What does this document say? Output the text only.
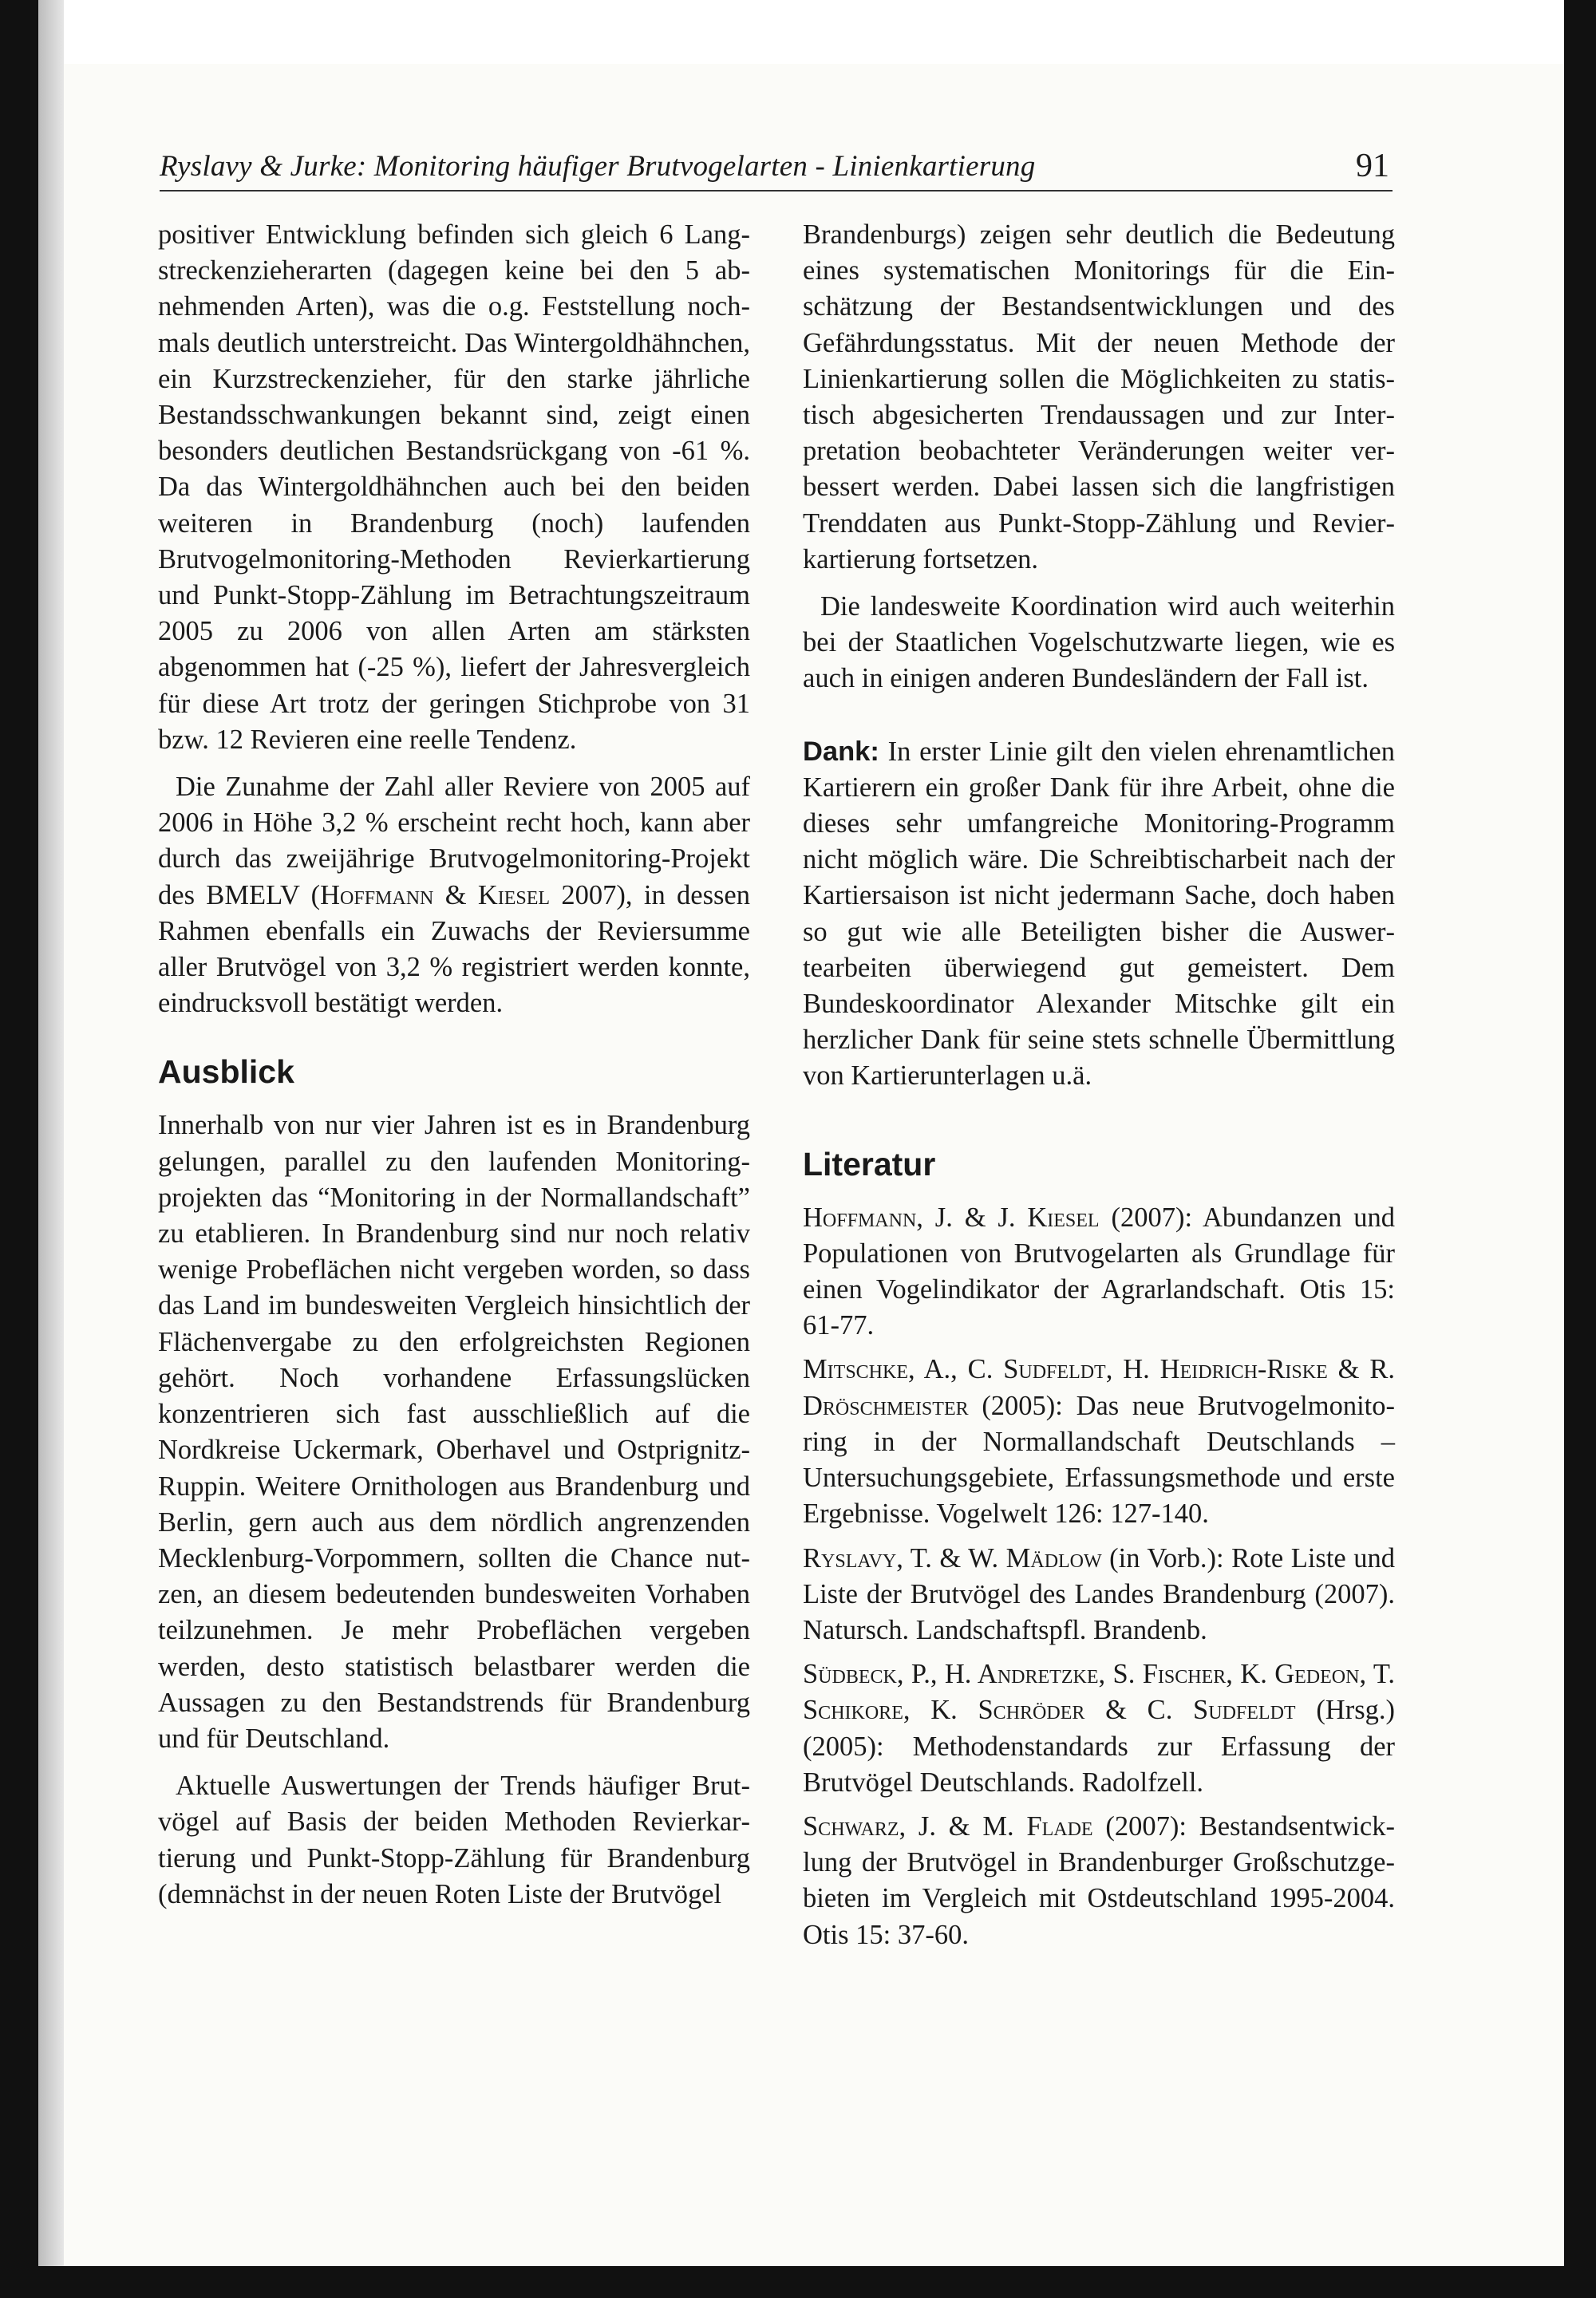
Ryslavy & Jurke: Monitoring häufiger Brutvogelarten - Linienkartierung	91

positiver Entwicklung befinden sich gleich 6 Langstreckenzieherarten (dagegen keine bei den 5 abnehmenden Arten), was die o.g. Feststellung nochmals deutlich unterstreicht. Das Wintergoldhähnchen, ein Kurzstreckenzieher, für den starke jährliche Bestandsschwankungen bekannt sind, zeigt einen besonders deutlichen Bestandsrückgang von -61 %. Da das Wintergoldhähnchen auch bei den beiden weiteren in Brandenburg (noch) laufenden Brutvogelmonitoring-Methoden Revierkartierung und Punkt-Stopp-Zählung im Betrachtungszeitraum 2005 zu 2006 von allen Arten am stärksten abgenommen hat (-25 %), liefert der Jahresvergleich für diese Art trotz der geringen Stichprobe von 31 bzw. 12 Revieren eine reelle Tendenz.

Die Zunahme der Zahl aller Reviere von 2005 auf 2006 in Höhe 3,2 % erscheint recht hoch, kann aber durch das zweijährige Brutvogelmonitoring-Projekt des BMELV (Hoffmann & Kiesel 2007), in dessen Rahmen ebenfalls ein Zuwachs der Reviersumme aller Brutvögel von 3,2 % registriert werden konnte, eindrucksvoll bestätigt werden.

Ausblick

Innerhalb von nur vier Jahren ist es in Brandenburg gelungen, parallel zu den laufenden Monitoringprojekten das “Monitoring in der Normallandschaft” zu etablieren. In Brandenburg sind nur noch relativ wenige Probeflächen nicht vergeben worden, so dass das Land im bundesweiten Vergleich hinsichtlich der Flächenvergabe zu den erfolgreichsten Regionen gehört. Noch vorhandene Erfassungslücken konzentrieren sich fast ausschließlich auf die Nordkreise Uckermark, Oberhavel und Ostprignitz-Ruppin. Weitere Ornithologen aus Brandenburg und Berlin, gern auch aus dem nördlich angrenzenden Mecklenburg-Vorpommern, sollten die Chance nutzen, an diesem bedeutenden bundesweiten Vorhaben teilzunehmen. Je mehr Probeflächen vergeben werden, desto statistisch belastbarer werden die Aussagen zu den Bestandstrends für Brandenburg und für Deutschland.

Aktuelle Auswertungen der Trends häufiger Brutvögel auf Basis der beiden Methoden Revierkartierung und Punkt-Stopp-Zählung für Brandenburg (demnächst in der neuen Roten Liste der Brutvögel

Brandenburgs) zeigen sehr deutlich die Bedeutung eines systematischen Monitorings für die Einschätzung der Bestandsentwicklungen und des Gefährdungsstatus. Mit der neuen Methode der Linienkartierung sollen die Möglichkeiten zu statistisch abgesicherten Trendaussagen und zur Interpretation beobachteter Veränderungen weiter verbessert werden. Dabei lassen sich die langfristigen Trenddaten aus Punkt-Stopp-Zählung und Revierkartierung fortsetzen.

Die landesweite Koordination wird auch weiterhin bei der Staatlichen Vogelschutzwarte liegen, wie es auch in einigen anderen Bundesländern der Fall ist.

Dank: In erster Linie gilt den vielen ehrenamtlichen Kartierern ein großer Dank für ihre Arbeit, ohne die dieses sehr umfangreiche Monitoring-Programm nicht möglich wäre. Die Schreibtischarbeit nach der Kartiersaison ist nicht jedermann Sache, doch haben so gut wie alle Beteiligten bisher die Auswertearbeiten überwiegend gut gemeistert. Dem Bundeskoordinator Alexander Mitschke gilt ein herzlicher Dank für seine stets schnelle Übermittlung von Kartierunterlagen u.ä.

Literatur

Hoffmann, J. & J. Kiesel (2007): Abundanzen und Populationen von Brutvogelarten als Grundlage für einen Vogelindikator der Agrarlandschaft. Otis 15: 61-77.

Mitschke, A., C. Sudfeldt, H. Heidrich-Riske & R. Dröschmeister (2005): Das neue Brutvogelmonitoring in der Normallandschaft Deutschlands – Untersuchungsgebiete, Erfassungsmethode und erste Ergebnisse. Vogelwelt 126: 127-140.

Ryslavy, T. & W. Mädlow (in Vorb.): Rote Liste und Liste der Brutvögel des Landes Brandenburg (2007). Natursch. Landschaftspfl. Brandenb.

Südbeck, P., H. Andretzke, S. Fischer, K. Gedeon, T. Schikore, K. Schröder & C. Sudfeldt (Hrsg.) (2005): Methodenstandards zur Erfassung der Brutvögel Deutschlands. Radolfzell.

Schwarz, J. & M. Flade (2007): Bestandsentwicklung der Brutvögel in Brandenburger Großschutzgebieten im Vergleich mit Ostdeutschland 1995-2004. Otis 15: 37-60.
